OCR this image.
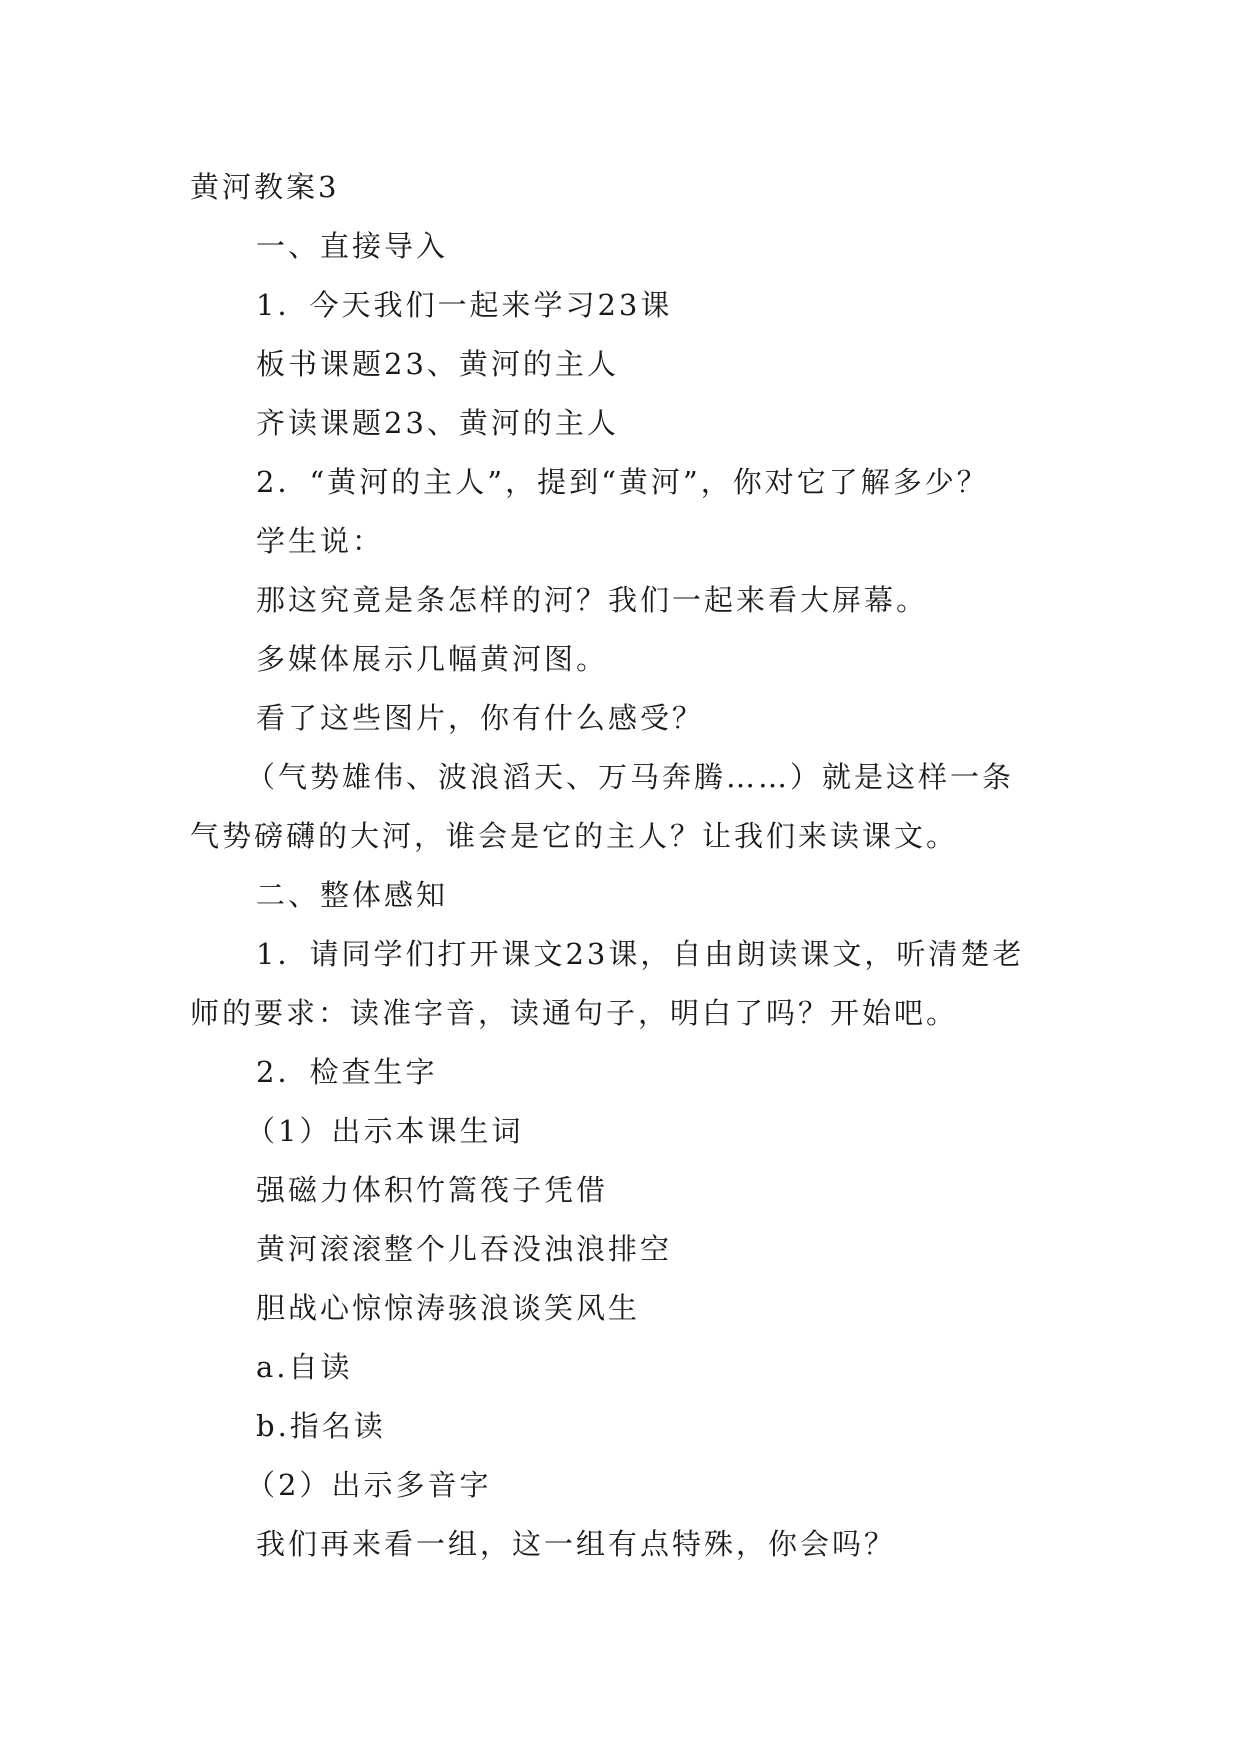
黄河教案3

一、直接导入

1．今天我们一起来学习23课

板书课题23、黄河的主人

齐读课题23、黄河的主人

2．“黄河的主人”，提到“黄河”，你对它了解多少？

学生说：

那这究竟是条怎样的河？我们一起来看大屏幕。

多媒体展示几幅黄河图。

看了这些图片，你有什么感受？

（气势雄伟、波浪滔天、万马奔腾……）就是这样一条

气势磅礴的大河，谁会是它的主人？让我们来读课文。

二、整体感知

1．请同学们打开课文23课，自由朗读课文，听清楚老

师的要求：读准字音，读通句子，明白了吗？开始吧。

2．检查生字

（1）出示本课生词

强磁力体积竹篙筏子凭借

黄河滚滚整个儿吞没浊浪排空

胆战心惊惊涛骇浪谈笑风生

a.自读

b.指名读

（2）出示多音字

我们再来看一组，这一组有点特殊，你会吗？
